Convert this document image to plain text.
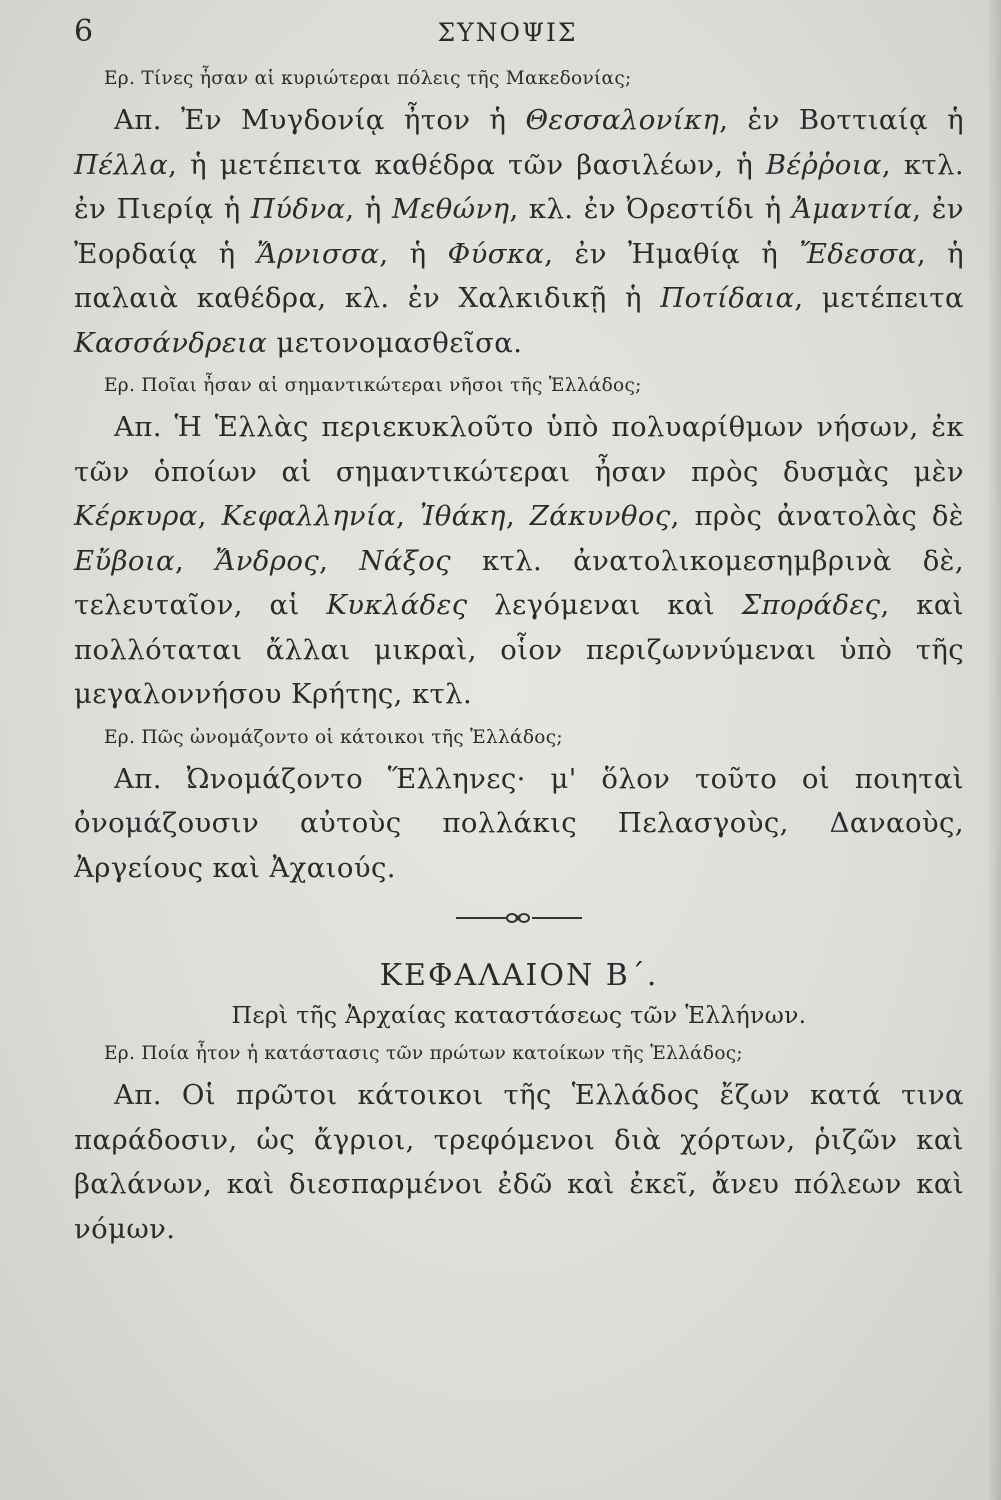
6	ΣΥΝΟΨΙΣ
Ερ. Τίνες ἦσαν αἱ κυριώτεραι πόλεις τῆς Μακεδονίας;
Απ. Ἐν Μυγδονίᾳ ἦτον ἡ Θεσσαλονίκη, ἐν Βοττιαίᾳ ἡ Πέλλα, ἡ μετέπειτα καθέδρα τῶν βασιλέων, ἡ Βέῤῥοια, κτλ. ἐν Πιερίᾳ ἡ Πύδνα, ἡ Μεθώνη, κλ. ἐν Ὀρεστίδι ἡ Ἀμαντία, ἐν Ἐορδαίᾳ ἡ Ἄρνισσα, ἡ Φύσκα, ἐν Ἠμαθίᾳ ἡ Ἔδεσσα, ἡ παλαιὰ καθέδρα, κλ. ἐν Χαλκιδικῇ ἡ Ποτίδαια, μετέπειτα Κασσάνδρεια μετονομασθεῖσα.
Ερ. Ποῖαι ἦσαν αἱ σημαντικώτεραι νῆσοι τῆς Ἑλλάδος;
Απ. Ἡ Ἑλλὰς περιεκυκλοῦτο ὑπὸ πολυαρίθμων νήσων, ἐκ τῶν ὁποίων αἱ σημαντικώτεραι ἦσαν πρὸς δυσμὰς μὲν Κέρκυρα, Κεφαλληνία, Ἰθάκη, Ζάκυνθος, πρὸς ἀνατολὰς δὲ Εὔβοια, Ἄνδρος, Νάξος κτλ. ἀνατολικομεσημβρινὰ δὲ, τελευταῖον, αἱ Κυκλάδες λεγόμεναι καὶ Σποράδες, καὶ πολλόταται ἄλλαι μικραὶ, οἷον περιζωννύμεναι ὑπὸ τῆς μεγαλοννήσου Κρήτης, κτλ.
Ερ. Πῶς ὠνομάζοντο οἱ κάτοικοι τῆς Ἑλλάδος;
Απ. Ὠνομάζοντο Ἕλληνες· μ' ὅλον τοῦτο οἱ ποιηταὶ ὀνομάζουσιν αὐτοὺς πολλάκις Πελασγοὺς, Δαναοὺς, Ἀργείους καὶ Ἀχαιούς.
ΚΕΦΑΛΑΙΟΝ Β΄.
Περὶ τῆς Ἀρχαίας καταστάσεως τῶν Ἑλλήνων.
Ερ. Ποία ἦτον ἡ κατάστασις τῶν πρώτων κατοίκων τῆς Ἑλλάδος;
Απ. Οἱ πρῶτοι κάτοικοι τῆς Ἑλλάδος ἔζων κατά τινα παράδοσιν, ὡς ἄγριοι, τρεφόμενοι διὰ χόρτων, ῥιζῶν καὶ βαλάνων, καὶ διεσπαρμένοι ἐδῶ καὶ ἐκεῖ, ἄνευ πόλεων καὶ νόμων.
